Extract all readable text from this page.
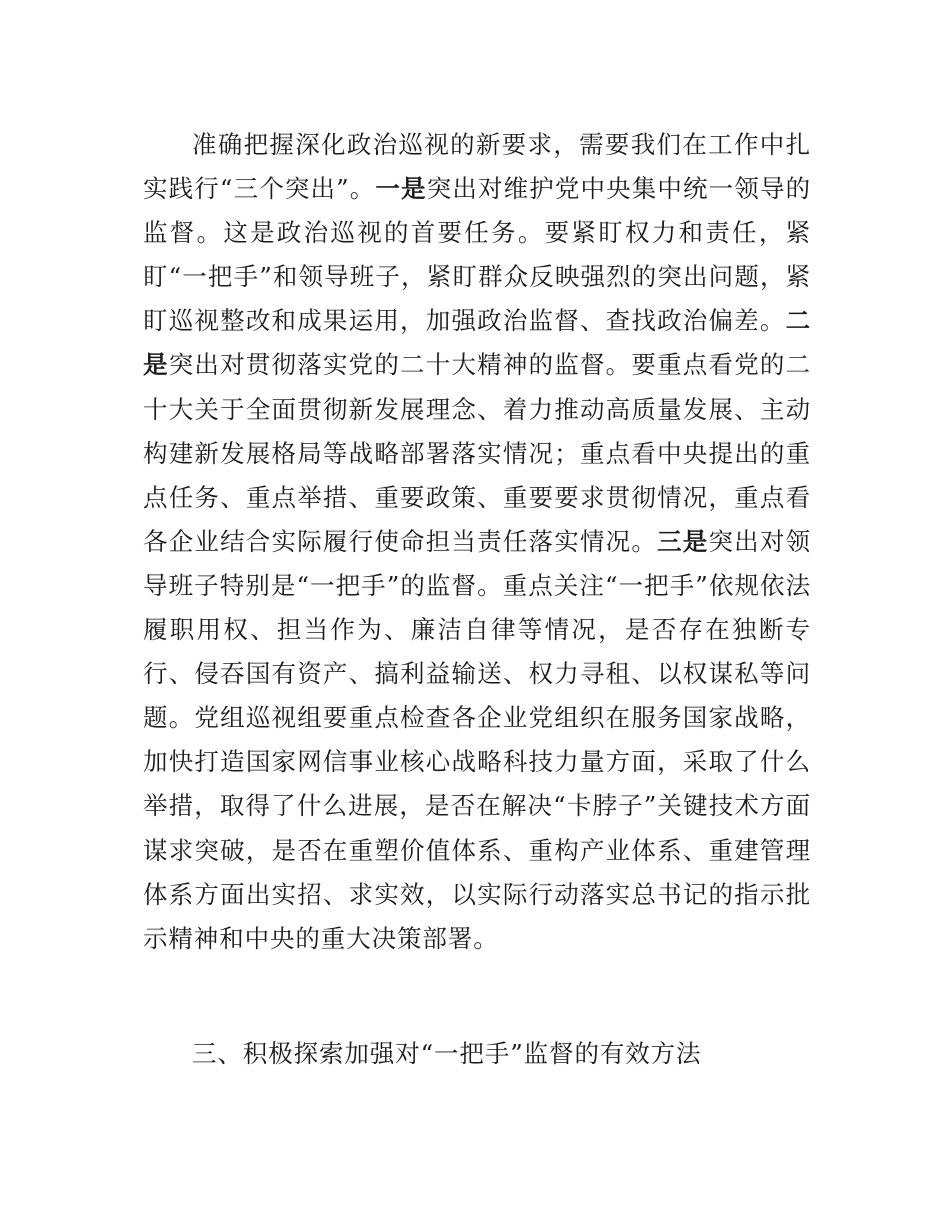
准确把握深化政治巡视的新要求，需要我们在工作中扎实践行“三个突出”。一是突出对维护党中央集中统一领导的监督。这是政治巡视的首要任务。要紧盯权力和责任，紧盯“一把手”和领导班子，紧盯群众反映强烈的突出问题，紧盯巡视整改和成果运用，加强政治监督、查找政治偏差。二是突出对贯彻落实党的二十大精神的监督。要重点看党的二十大关于全面贯彻新发展理念、着力推动高质量发展、主动构建新发展格局等战略部署落实情况；重点看中央提出的重点任务、重点举措、重要政策、重要要求贯彻情况，重点看各企业结合实际履行使命担当责任落实情况。三是突出对领导班子特别是“一把手”的监督。重点关注“一把手”依规依法履职用权、担当作为、廉洁自律等情况，是否存在独断专行、侵吞国有资产、搞利益输送、权力寻租、以权谋私等问题。党组巡视组要重点检查各企业党组织在服务国家战略，加快打造国家网信事业核心战略科技力量方面，采取了什么举措，取得了什么进展，是否在解决“卡脖子”关键技术方面谋求突破，是否在重塑价值体系、重构产业体系、重建管理体系方面出实招、求实效，以实际行动落实总书记的指示批示精神和中央的重大决策部署。

三、积极探索加强对“一把手”监督的有效方法
